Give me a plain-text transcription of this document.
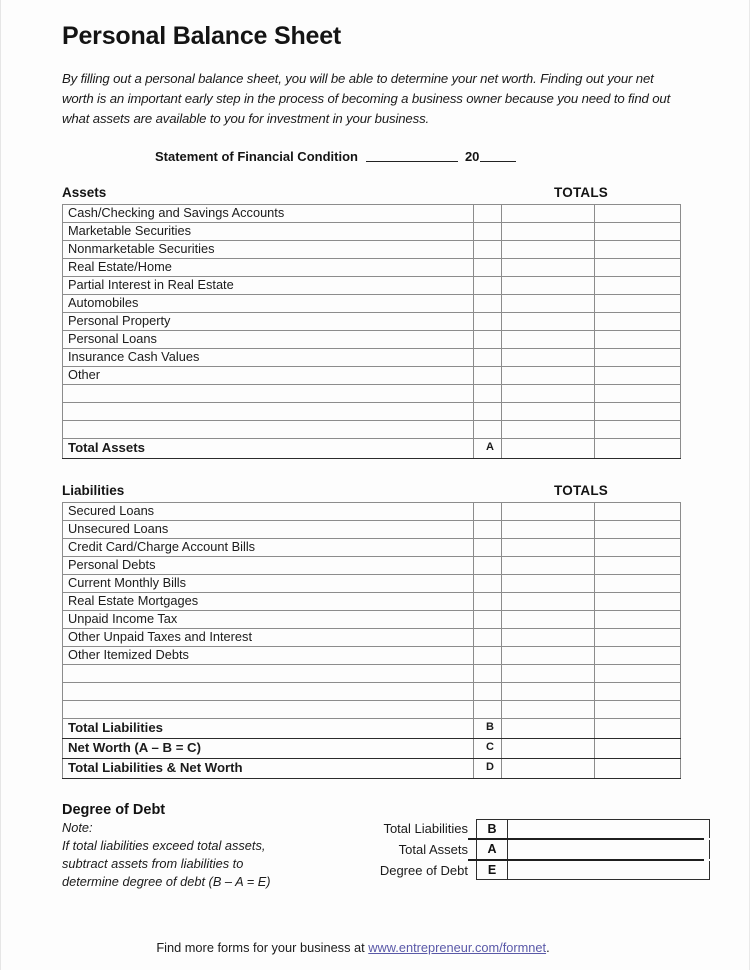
Personal Balance Sheet

By filling out a personal balance sheet, you will be able to determine your net worth. Finding out your net worth is an important early step in the process of becoming a business owner because you need to find out what assets are available to you for investment in your business.

Statement of Financial Condition	20
Assets	TOTALS
Cash/Checking and Savings Accounts			
Marketable Securities			
Nonmarketable Securities			
Real Estate/Home			
Partial Interest in Real Estate			
Automobiles			
Personal Property			
Personal Loans			
Insurance Cash Values			
Other			

Total Assets	A		
Liabilities	TOTALS
Secured Loans			
Unsecured Loans			
Credit Card/Charge Account Bills			
Personal Debts			
Current Monthly Bills			
Real Estate Mortgages			
Unpaid Income Tax			
Other Unpaid Taxes and Interest			
Other Itemized Debts			

Total Liabilities	B		
Net Worth (A – B = C)	C		
Total Liabilities & Net Worth	D		
Degree of Debt
Note:
If total liabilities exceed total assets,
subtract assets from liabilities to
determine degree of debt (B – A = E)
Total Liabilities	B
Total Assets	A
Degree of Debt	E
Find more forms for your business at www.entrepreneur.com/formnet.
